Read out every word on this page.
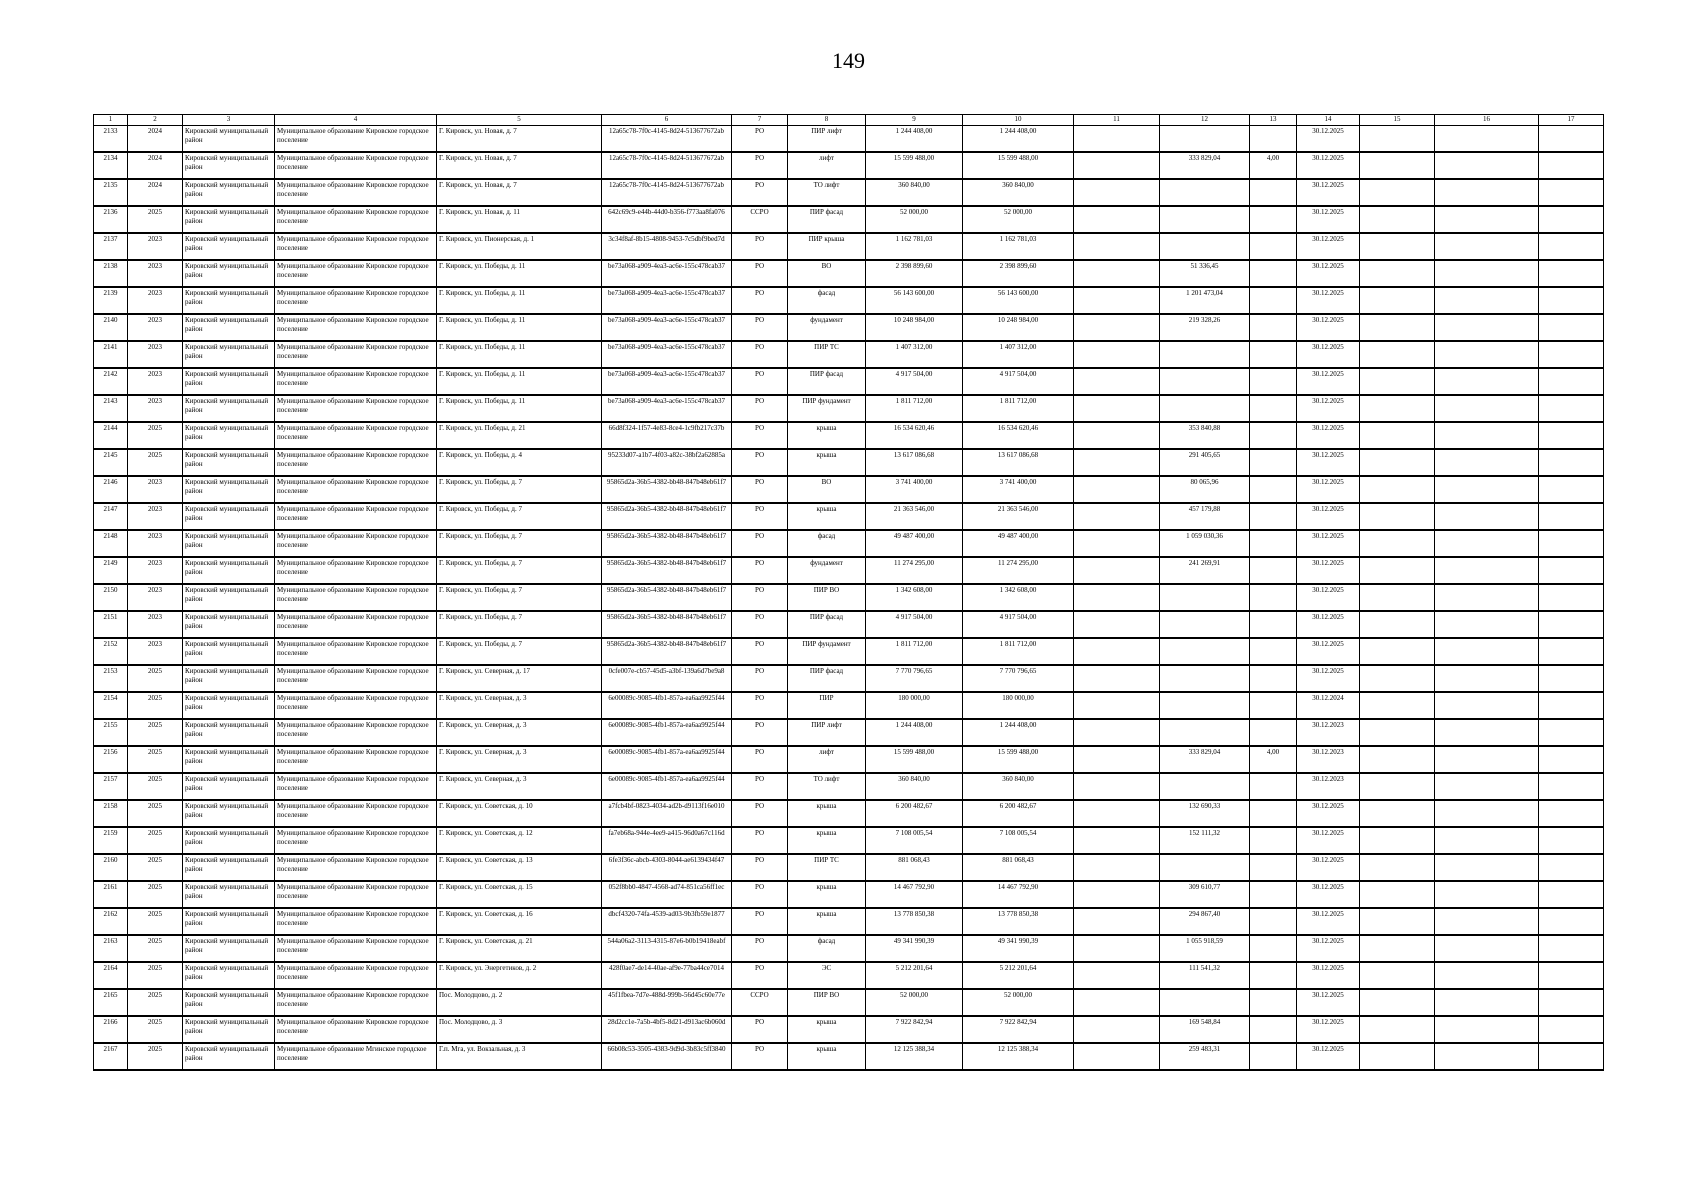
149
1	2	3	4	5	6	7	8	9	10	11	12	13	14	15	16	17
2133	2024	Кировский муниципальный район	Муниципальное образование Кировское городское поселение	Г. Кировск, ул. Новая, д. 7	12a65c78-7f0c-4145-8d24-513677672ab	РО	ПИР лифт	1 244 408,00	1 244 408,00				30.12.2025			
2134	2024	Кировский муниципальный район	Муниципальное образование Кировское городское поселение	Г. Кировск, ул. Новая, д. 7	12a65c78-7f0c-4145-8d24-513677672ab	РО	лифт	15 599 488,00	15 599 488,00		333 829,04	4,00	30.12.2025			
2135	2024	Кировский муниципальный район	Муниципальное образование Кировское городское поселение	Г. Кировск, ул. Новая, д. 7	12a65c78-7f0c-4145-8d24-513677672ab	РО	ТО лифт	360 840,00	360 840,00				30.12.2025			
2136	2025	Кировский муниципальный район	Муниципальное образование Кировское городское поселение	Г. Кировск, ул. Новая, д. 11	642c69c9-e44b-44d0-b356-f773aa8fa076	ССРО	ПИР фасад	52 000,00	52 000,00				30.12.2025			
2137	2023	Кировский муниципальный район	Муниципальное образование Кировское городское поселение	Г. Кировск, ул. Пионерская, д. 1	3c34f8af-8b15-4808-9453-7c5dbf9bed7d	РО	ПИР крыша	1 162 781,03	1 162 781,03				30.12.2025			
2138	2023	Кировский муниципальный район	Муниципальное образование Кировское городское поселение	Г. Кировск, ул. Победы, д. 11	be73a068-a909-4ea3-ac6e-155c478cab37	РО	ВО	2 398 899,60	2 398 899,60		51 336,45		30.12.2025			
2139	2023	Кировский муниципальный район	Муниципальное образование Кировское городское поселение	Г. Кировск, ул. Победы, д. 11	be73a068-a909-4ea3-ac6e-155c478cab37	РО	фасад	56 143 600,00	56 143 600,00		1 201 473,04		30.12.2025			
2140	2023	Кировский муниципальный район	Муниципальное образование Кировское городское поселение	Г. Кировск, ул. Победы, д. 11	be73a068-a909-4ea3-ac6e-155c478cab37	РО	фундамент	10 248 984,00	10 248 984,00		219 328,26		30.12.2025			
2141	2023	Кировский муниципальный район	Муниципальное образование Кировское городское поселение	Г. Кировск, ул. Победы, д. 11	be73a068-a909-4ea3-ac6e-155c478cab37	РО	ПИР ТС	1 407 312,00	1 407 312,00				30.12.2025			
2142	2023	Кировский муниципальный район	Муниципальное образование Кировское городское поселение	Г. Кировск, ул. Победы, д. 11	be73a068-a909-4ea3-ac6e-155c478cab37	РО	ПИР фасад	4 917 504,00	4 917 504,00				30.12.2025			
2143	2023	Кировский муниципальный район	Муниципальное образование Кировское городское поселение	Г. Кировск, ул. Победы, д. 11	be73a068-a909-4ea3-ac6e-155c478cab37	РО	ПИР фундамент	1 811 712,00	1 811 712,00				30.12.2025			
2144	2025	Кировский муниципальный район	Муниципальное образование Кировское городское поселение	Г. Кировск, ул. Победы, д. 21	66d8f324-1f57-4e83-8ce4-1c9fb217c37b	РО	крыша	16 534 620,46	16 534 620,46		353 840,88		30.12.2025			
2145	2025	Кировский муниципальный район	Муниципальное образование Кировское городское поселение	Г. Кировск, ул. Победы, д. 4	95233d07-a1b7-4f03-a82c-38bf2a62885a	РО	крыша	13 617 086,68	13 617 086,68		291 405,65		30.12.2025			
2146	2023	Кировский муниципальный район	Муниципальное образование Кировское городское поселение	Г. Кировск, ул. Победы, д. 7	95865d2a-36b5-4382-bb48-847b48eb61f7	РО	ВО	3 741 400,00	3 741 400,00		80 065,96		30.12.2025			
2147	2023	Кировский муниципальный район	Муниципальное образование Кировское городское поселение	Г. Кировск, ул. Победы, д. 7	95865d2a-36b5-4382-bb48-847b48eb61f7	РО	крыша	21 363 546,00	21 363 546,00		457 179,88		30.12.2025			
2148	2023	Кировский муниципальный район	Муниципальное образование Кировское городское поселение	Г. Кировск, ул. Победы, д. 7	95865d2a-36b5-4382-bb48-847b48eb61f7	РО	фасад	49 487 400,00	49 487 400,00		1 059 030,36		30.12.2025			
2149	2023	Кировский муниципальный район	Муниципальное образование Кировское городское поселение	Г. Кировск, ул. Победы, д. 7	95865d2a-36b5-4382-bb48-847b48eb61f7	РО	фундамент	11 274 295,00	11 274 295,00		241 269,91		30.12.2025			
2150	2023	Кировский муниципальный район	Муниципальное образование Кировское городское поселение	Г. Кировск, ул. Победы, д. 7	95865d2a-36b5-4382-bb48-847b48eb61f7	РО	ПИР ВО	1 342 608,00	1 342 608,00				30.12.2025			
2151	2023	Кировский муниципальный район	Муниципальное образование Кировское городское поселение	Г. Кировск, ул. Победы, д. 7	95865d2a-36b5-4382-bb48-847b48eb61f7	РО	ПИР фасад	4 917 504,00	4 917 504,00				30.12.2025			
2152	2023	Кировский муниципальный район	Муниципальное образование Кировское городское поселение	Г. Кировск, ул. Победы, д. 7	95865d2a-36b5-4382-bb48-847b48eb61f7	РО	ПИР фундамент	1 811 712,00	1 811 712,00				30.12.2025			
2153	2025	Кировский муниципальный район	Муниципальное образование Кировское городское поселение	Г. Кировск, ул. Северная, д. 17	0cfe007e-cb57-45d5-a3bf-139a6d7be9a8	РО	ПИР фасад	7 770 796,65	7 770 796,65				30.12.2025			
2154	2025	Кировский муниципальный район	Муниципальное образование Кировское городское поселение	Г. Кировск, ул. Северная, д. 3	6e00089c-9085-4fb1-857a-ea6aa9925f44	РО	ПИР	180 000,00	180 000,00				30.12.2024			
2155	2025	Кировский муниципальный район	Муниципальное образование Кировское городское поселение	Г. Кировск, ул. Северная, д. 3	6e00089c-9085-4fb1-857a-ea6aa9925f44	РО	ПИР лифт	1 244 408,00	1 244 408,00				30.12.2023			
2156	2025	Кировский муниципальный район	Муниципальное образование Кировское городское поселение	Г. Кировск, ул. Северная, д. 3	6e00089c-9085-4fb1-857a-ea6aa9925f44	РО	лифт	15 599 488,00	15 599 488,00		333 829,04	4,00	30.12.2023			
2157	2025	Кировский муниципальный район	Муниципальное образование Кировское городское поселение	Г. Кировск, ул. Северная, д. 3	6e00089c-9085-4fb1-857a-ea6aa9925f44	РО	ТО лифт	360 840,00	360 840,00				30.12.2023			
2158	2025	Кировский муниципальный район	Муниципальное образование Кировское городское поселение	Г. Кировск, ул. Советская, д. 10	a7fcb4bf-0823-4034-ad2b-d9113f16e010	РО	крыша	6 200 482,67	6 200 482,67		132 690,33		30.12.2025			
2159	2025	Кировский муниципальный район	Муниципальное образование Кировское городское поселение	Г. Кировск, ул. Советская, д. 12	fa7eb68a-944e-4ee9-a415-96d0a67c116d	РО	крыша	7 108 005,54	7 108 005,54		152 111,32		30.12.2025			
2160	2025	Кировский муниципальный район	Муниципальное образование Кировское городское поселение	Г. Кировск, ул. Советская, д. 13	6fe3f36c-abcb-4303-8044-ae6139434f47	РО	ПИР ТС	881 068,43	881 068,43				30.12.2025			
2161	2025	Кировский муниципальный район	Муниципальное образование Кировское городское поселение	Г. Кировск, ул. Советская, д. 15	052f8bb0-4847-4568-ad74-851ca56ff1ec	РО	крыша	14 467 792,90	14 467 792,90		309 610,77		30.12.2025			
2162	2025	Кировский муниципальный район	Муниципальное образование Кировское городское поселение	Г. Кировск, ул. Советская, д. 16	dbcf4320-74fa-4539-ad03-9b3fb59e1877	РО	крыша	13 778 850,38	13 778 850,38		294 867,40		30.12.2025			
2163	2025	Кировский муниципальный район	Муниципальное образование Кировское городское поселение	Г. Кировск, ул. Советская, д. 21	544a06a2-3113-4315-87e6-b0b19418eabf	РО	фасад	49 341 990,39	49 341 990,39		1 055 918,59		30.12.2025			
2164	2025	Кировский муниципальный район	Муниципальное образование Кировское городское поселение	Г. Кировск, ул. Энергетиков, д. 2	428f0ae7-de14-40ae-af9e-77ba44ce7014	РО	ЭС	5 212 201,64	5 212 201,64		111 541,32		30.12.2025			
2165	2025	Кировский муниципальный район	Муниципальное образование Кировское городское поселение	Пос. Молодцово, д. 2	45f1fbea-7d7e-488d-999b-56d45c60e77e	ССРО	ПИР ВО	52 000,00	52 000,00				30.12.2025			
2166	2025	Кировский муниципальный район	Муниципальное образование Кировское городское поселение	Пос. Молодцово, д. 3	28d2cc1e-7a5b-4bf5-8d21-d913ac6b060d	РО	крыша	7 922 842,94	7 922 842,94		169 548,84		30.12.2025			
2167	2025	Кировский муниципальный район	Муниципальное образование Мгинское городское поселение	Г.п. Мга, ул. Вокзальная, д. 3	66b08c53-3505-4383-9d9d-3b83c5ff3840	РО	крыша	12 125 388,34	12 125 388,34		259 483,31		30.12.2025			
